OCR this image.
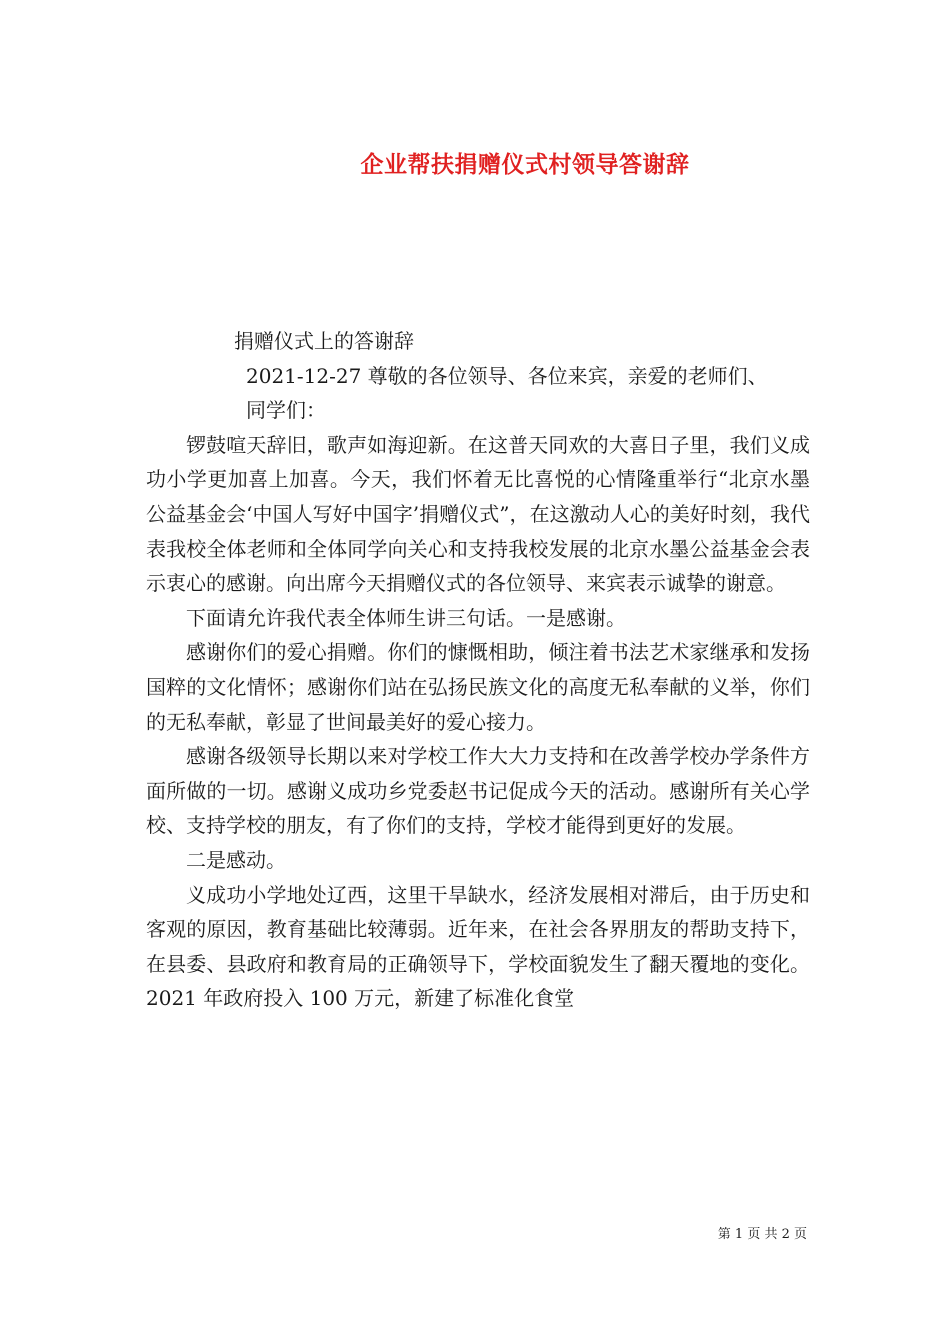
企业帮扶捐赠仪式村领导答谢辞

捐赠仪式上的答谢辞

2021-12-27 尊敬的各位领导、各位来宾，亲爱的老师们、

同学们：

锣鼓喧天辞旧，歌声如海迎新。在这普天同欢的大喜日子里，我们义成功小学更加喜上加喜。今天，我们怀着无比喜悦的心情隆重举行“北京水墨公益基金会‘中国人写好中国字’捐赠仪式”，在这激动人心的美好时刻，我代表我校全体老师和全体同学向关心和支持我校发展的北京水墨公益基金会表示衷心的感谢。向出席今天捐赠仪式的各位领导、来宾表示诚挚的谢意。

下面请允许我代表全体师生讲三句话。一是感谢。

感谢你们的爱心捐赠。你们的慷慨相助，倾注着书法艺术家继承和发扬国粹的文化情怀；感谢你们站在弘扬民族文化的高度无私奉献的义举，你们的无私奉献，彰显了世间最美好的爱心接力。

感谢各级领导长期以来对学校工作大大力支持和在改善学校办学条件方面所做的一切。感谢义成功乡党委赵书记促成今天的活动。感谢所有关心学校、支持学校的朋友，有了你们的支持，学校才能得到更好的发展。

二是感动。

义成功小学地处辽西，这里干旱缺水，经济发展相对滞后，由于历史和客观的原因，教育基础比较薄弱。近年来，在社会各界朋友的帮助支持下，在县委、县政府和教育局的正确领导下，学校面貌发生了翻天覆地的变化。2021 年政府投入 100 万元，新建了标准化食堂

第 1 页 共 2 页
